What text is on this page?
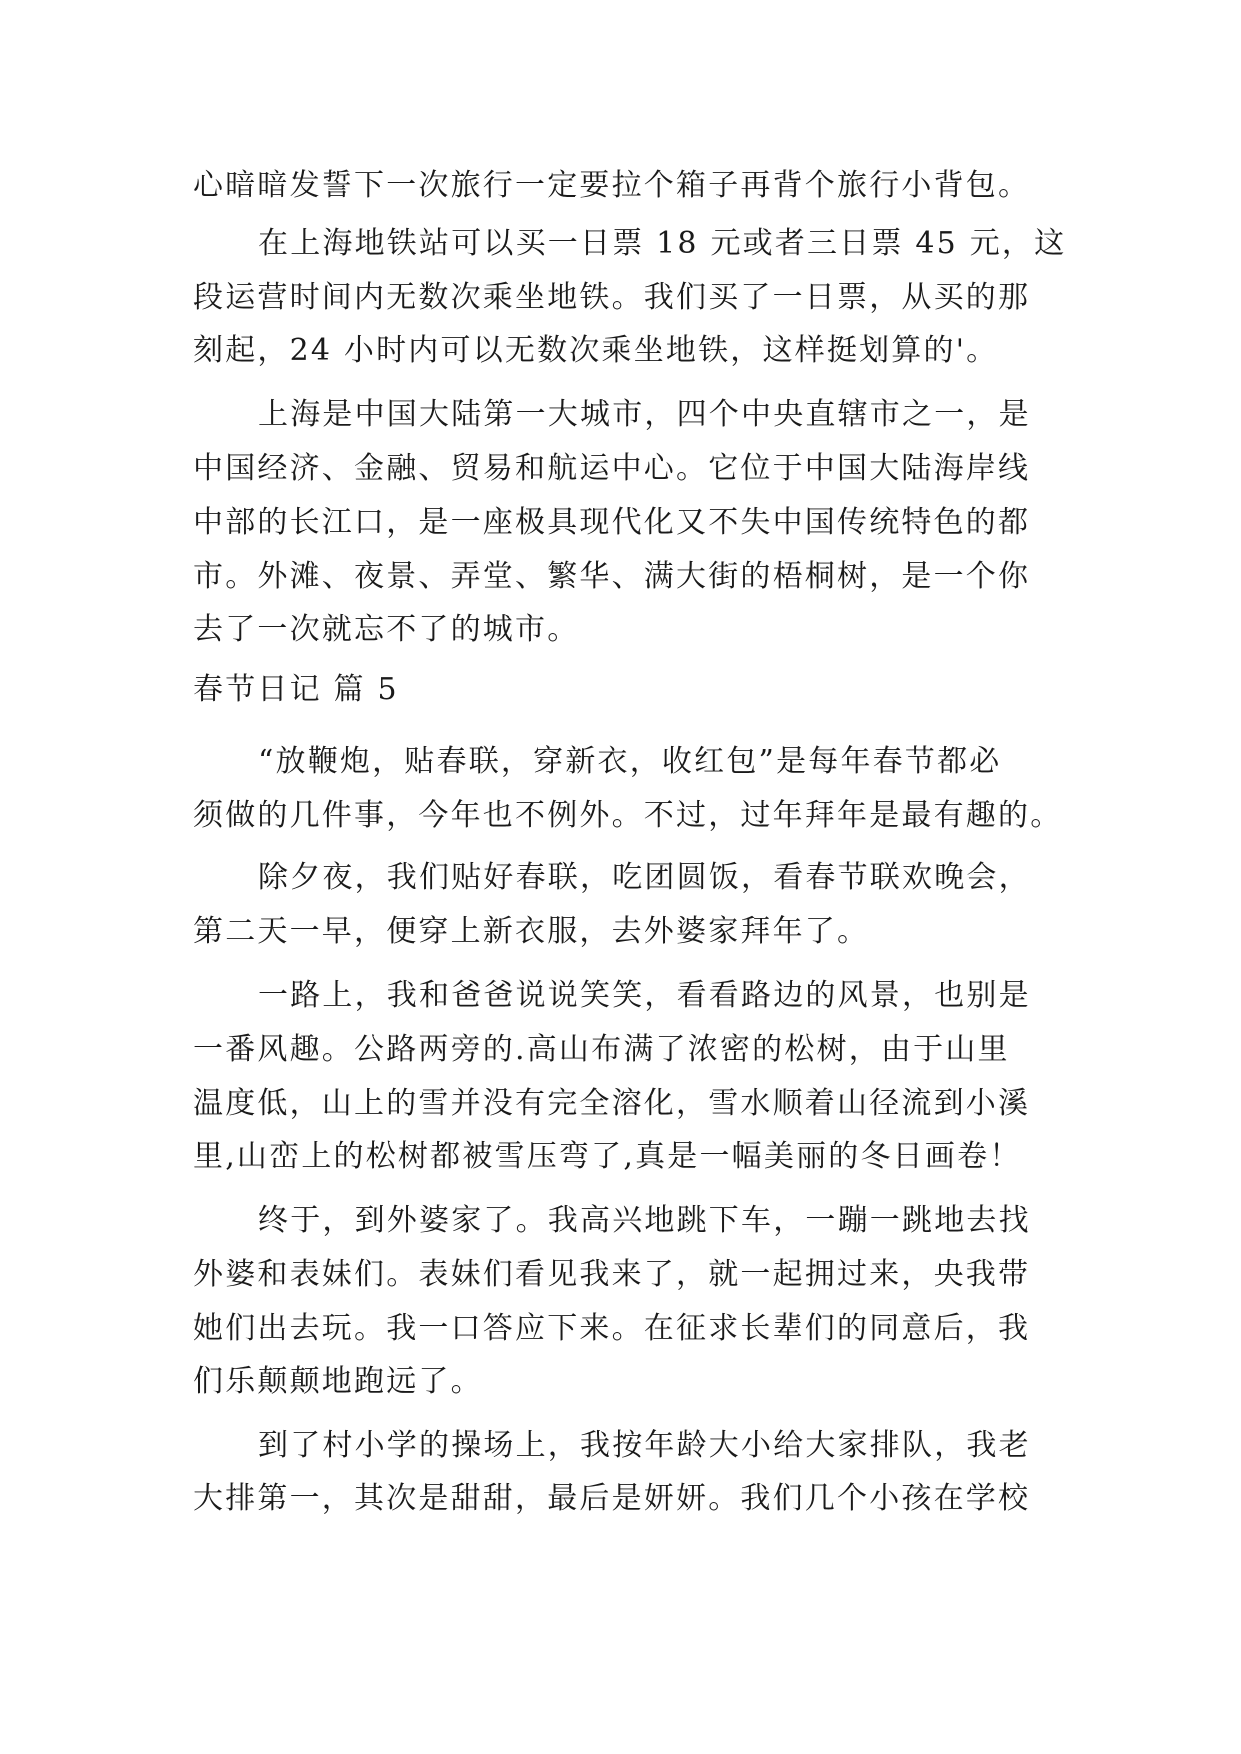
心暗暗发誓下一次旅行一定要拉个箱子再背个旅行小背包。

在上海地铁站可以买一日票 18 元或者三日票 45 元，这

段运营时间内无数次乘坐地铁。我们买了一日票，从买的那

刻起，24 小时内可以无数次乘坐地铁，这样挺划算的'。

上海是中国大陆第一大城市，四个中央直辖市之一，是

中国经济、金融、贸易和航运中心。它位于中国大陆海岸线

中部的长江口，是一座极具现代化又不失中国传统特色的都

市。外滩、夜景、弄堂、繁华、满大街的梧桐树，是一个你

去了一次就忘不了的城市。

春节日记 篇 5

“放鞭炮，贴春联，穿新衣，收红包”是每年春节都必

须做的几件事，今年也不例外。不过，过年拜年是最有趣的。

除夕夜，我们贴好春联，吃团圆饭，看春节联欢晚会，

第二天一早，便穿上新衣服，去外婆家拜年了。

一路上，我和爸爸说说笑笑，看看路边的风景，也别是

一番风趣。公路两旁的.高山布满了浓密的松树，由于山里

温度低，山上的雪并没有完全溶化，雪水顺着山径流到小溪

里,山峦上的松树都被雪压弯了,真是一幅美丽的冬日画卷！

终于，到外婆家了。我高兴地跳下车，一蹦一跳地去找

外婆和表妹们。表妹们看见我来了，就一起拥过来，央我带

她们出去玩。我一口答应下来。在征求长辈们的同意后，我

们乐颠颠地跑远了。

到了村小学的操场上，我按年龄大小给大家排队，我老

大排第一，其次是甜甜，最后是妍妍。我们几个小孩在学校
